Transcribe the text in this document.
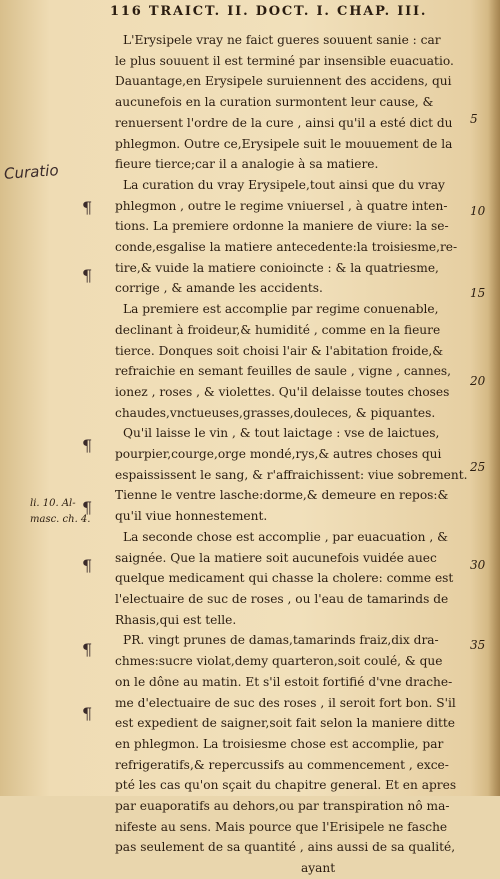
116 TRAICT. II. DOCT. I. CHAP. III.
L'Erysipele vray ne faict gueres souuent sanie : car
le plus souuent il est terminé par insensible euacuatio.
Dauantage,en Erysipele suruiennent des accidens, qui
aucunefois en la curation surmontent leur cause, &
renuersent l'ordre de la cure , ainsi qu'il a esté dict du
phlegmon. Outre ce,Erysipele suit le mouuement de la
fieure tierce;car il a analogie à sa matiere.
La curation du vray Erysipele,tout ainsi que du vray
phlegmon , outre le regime vniuersel , à quatre inten-
tions. La premiere ordonne la maniere de viure: la se-
conde,esgalise la matiere antecedente:la troisiesme,re-
tire,& vuide la matiere conioincte : & la quatriesme,
corrige , & amande les accidents.
La premiere est accomplie par regime conuenable,
declinant à froideur,& humidité , comme en la fieure
tierce. Donques soit choisi l'air & l'abitation froide,&
refraichie en semant feuilles de saule , vigne , cannes,
ionez , roses , & violettes. Qu'il delaisse toutes choses
chaudes,vnctueuses,grasses,douleces, & piquantes.
Qu'il laisse le vin , & tout laictage : vse de laictues,
pourpier,courge,orge mondé,rys,& autres choses qui
espaississent le sang, & r'affraichissent: viue sobrement.
Tienne le ventre lasche:dorme,& demeure en repos:&
qu'il viue honnestement.
La seconde chose est accomplie , par euacuation , &
saignée. Que la matiere soit aucunefois vuidée auec
quelque medicament qui chasse la cholere: comme est
l'electuaire de suc de roses , ou l'eau de tamarinds de
Rhasis,qui est telle.
PR. vingt prunes de damas,tamarinds fraiz,dix dra-
chmes:sucre violat,demy quarteron,soit coulé, & que
on le dône au matin. Et s'il estoit fortifié d'vne drache-
me d'electuaire de suc des roses , il seroit fort bon. S'il
est expedient de saigner,soit fait selon la maniere ditte
en phlegmon. La troisiesme chose est accomplie, par
refrigeratifs,& repercussifs au commencement , exce-
pté les cas qu'on sçait du chapitre general. Et en apres
par euaporatifs au dehors,ou par transpiration nô ma-
nifeste au sens. Mais pource que l'Erisipele ne fasche
pas seulement de sa quantité , ains aussi de sa qualité,
ayant
5
10
15
20
25
30
35
li. 10. Al-
masc. ch. 4.
Curatio
¶
¶
¶
¶
¶
¶
¶
